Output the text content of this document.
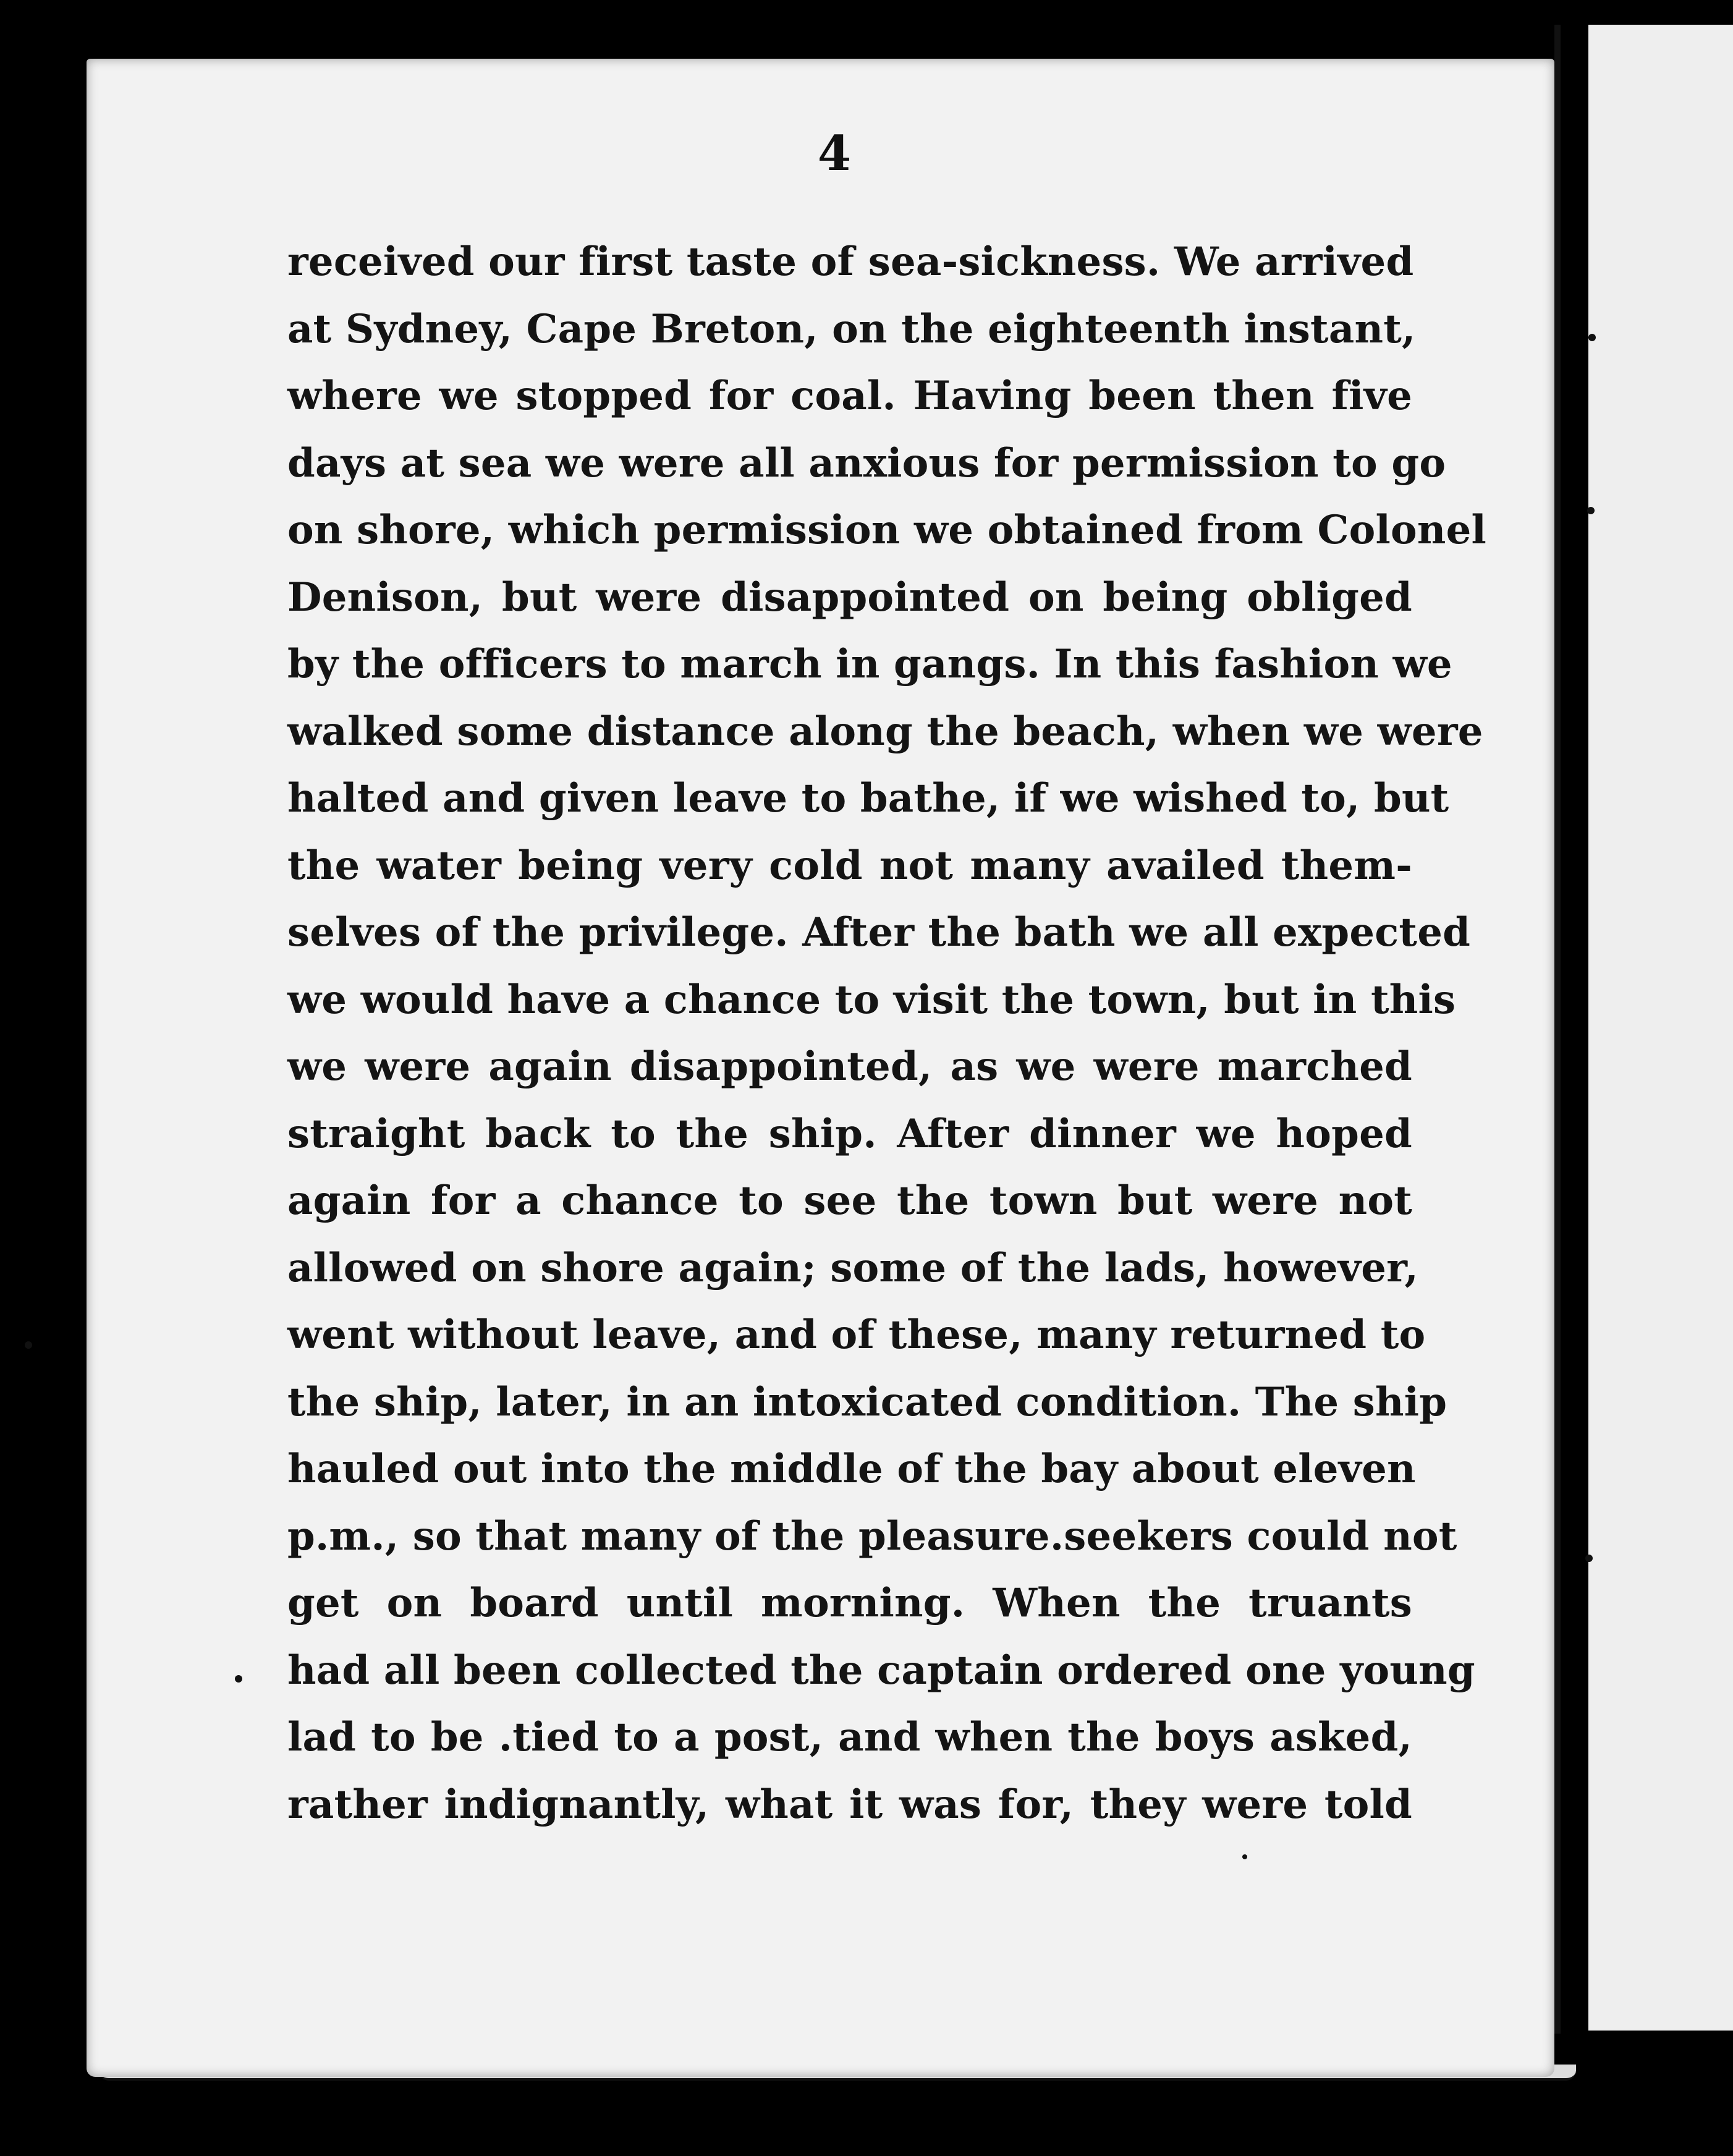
4
received our first taste of sea-sickness. We arrived
at Sydney, Cape Breton, on the eighteenth instant,
where we stopped for coal. Having been then five
days at sea we were all anxious for permission to go
on shore, which permission we obtained from Colonel
Denison, but were disappointed on being obliged
by the officers to march in gangs. In this fashion we
walked some distance along the beach, when we were
halted and given leave to bathe, if we wished to, but
the water being very cold not many availed them-
selves of the privilege. After the bath we all expected
we would have a chance to visit the town, but in this
we were again disappointed, as we were marched
straight back to the ship. After dinner we hoped
again for a chance to see the town but were not
allowed on shore again; some of the lads, however,
went without leave, and of these, many returned to
the ship, later, in an intoxicated condition. The ship
hauled out into the middle of the bay about eleven
p.m., so that many of the pleasure.seekers could not
get on board until morning. When the truants
had all been collected the captain ordered one young
lad to be .tied to a post, and when the boys asked,
rather indignantly, what it was for, they were told
